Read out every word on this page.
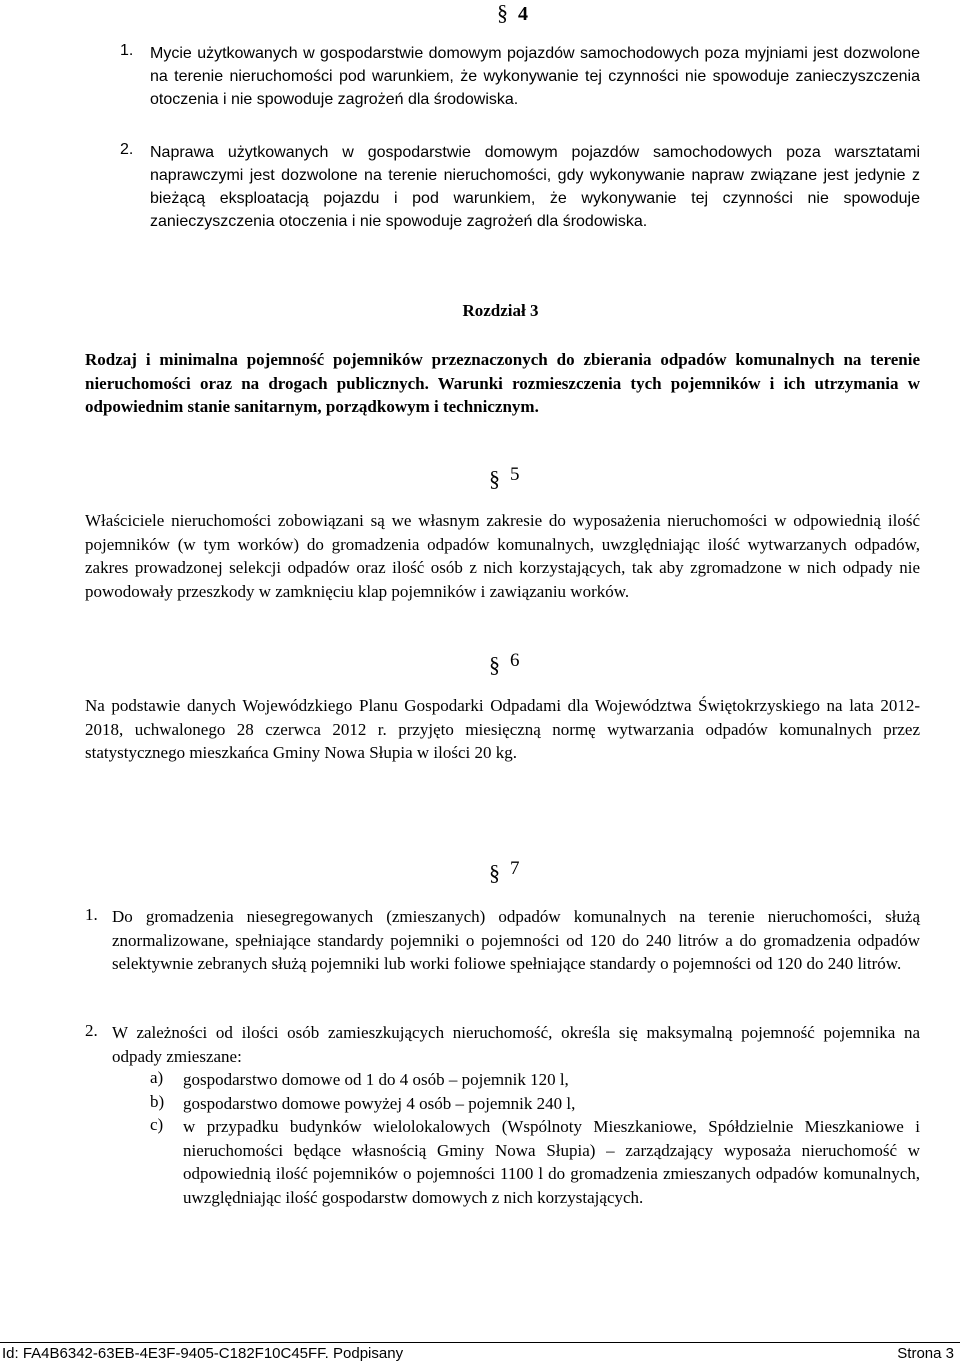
§ 4
1. Mycie użytkowanych w gospodarstwie domowym pojazdów samochodowych poza myjniami jest dozwolone na terenie nieruchomości pod warunkiem, że wykonywanie tej czynności nie spowoduje zanieczyszczenia otoczenia i nie spowoduje zagrożeń dla środowiska.
2. Naprawa użytkowanych w gospodarstwie domowym pojazdów samochodowych poza warsztatami naprawczymi jest dozwolone na terenie nieruchomości, gdy wykonywanie napraw związane jest jedynie z bieżącą eksploatacją pojazdu i pod warunkiem, że wykonywanie tej czynności nie spowoduje zanieczyszczenia otoczenia i nie spowoduje zagrożeń dla środowiska.
Rozdział 3
Rodzaj i minimalna pojemność pojemników przeznaczonych do zbierania odpadów komunalnych na terenie nieruchomości oraz na drogach publicznych. Warunki rozmieszczenia tych pojemników i ich utrzymania w odpowiednim stanie sanitarnym, porządkowym i technicznym.
§ 5
Właściciele nieruchomości zobowiązani są we własnym zakresie do wyposażenia nieruchomości w odpowiednią ilość pojemników (w tym worków) do gromadzenia odpadów komunalnych, uwzględniając ilość wytwarzanych odpadów, zakres prowadzonej selekcji odpadów oraz ilość osób z nich korzystających, tak aby zgromadzone w nich odpady nie powodowały przeszkody w zamknięciu klap pojemników i zawiązaniu worków.
§ 6
Na podstawie danych Wojewódzkiego Planu Gospodarki Odpadami dla Województwa Świętokrzyskiego na lata 2012-2018, uchwalonego 28 czerwca 2012 r. przyjęto miesięczną normę wytwarzania odpadów komunalnych przez statystycznego mieszkańca Gminy Nowa Słupia w ilości 20 kg.
§ 7
1. Do gromadzenia niesegregowanych (zmieszanych) odpadów komunalnych na terenie nieruchomości, służą znormalizowane, spełniające standardy pojemniki o pojemności od 120 do 240 litrów a do gromadzenia odpadów selektywnie zebranych służą pojemniki lub worki foliowe spełniające standardy o pojemności od 120 do 240 litrów.
2. W zależności od ilości osób zamieszkujących nieruchomość, określa się maksymalną pojemność pojemnika na odpady zmieszane:
a) gospodarstwo domowe od 1 do 4 osób – pojemnik 120 l,
b) gospodarstwo domowe powyżej 4 osób – pojemnik 240 l,
c) w przypadku budynków wielolokalowych (Wspólnoty Mieszkaniowe, Spółdzielnie Mieszkaniowe i nieruchomości będące własnością Gminy Nowa Słupia) – zarządzający wyposaża nieruchomość w odpowiednią ilość pojemników o pojemności 1100 l do gromadzenia zmieszanych odpadów komunalnych, uwzględniając ilość gospodarstw domowych z nich korzystających.
Id: FA4B6342-63EB-4E3F-9405-C182F10C45FF. Podpisany	Strona 3
